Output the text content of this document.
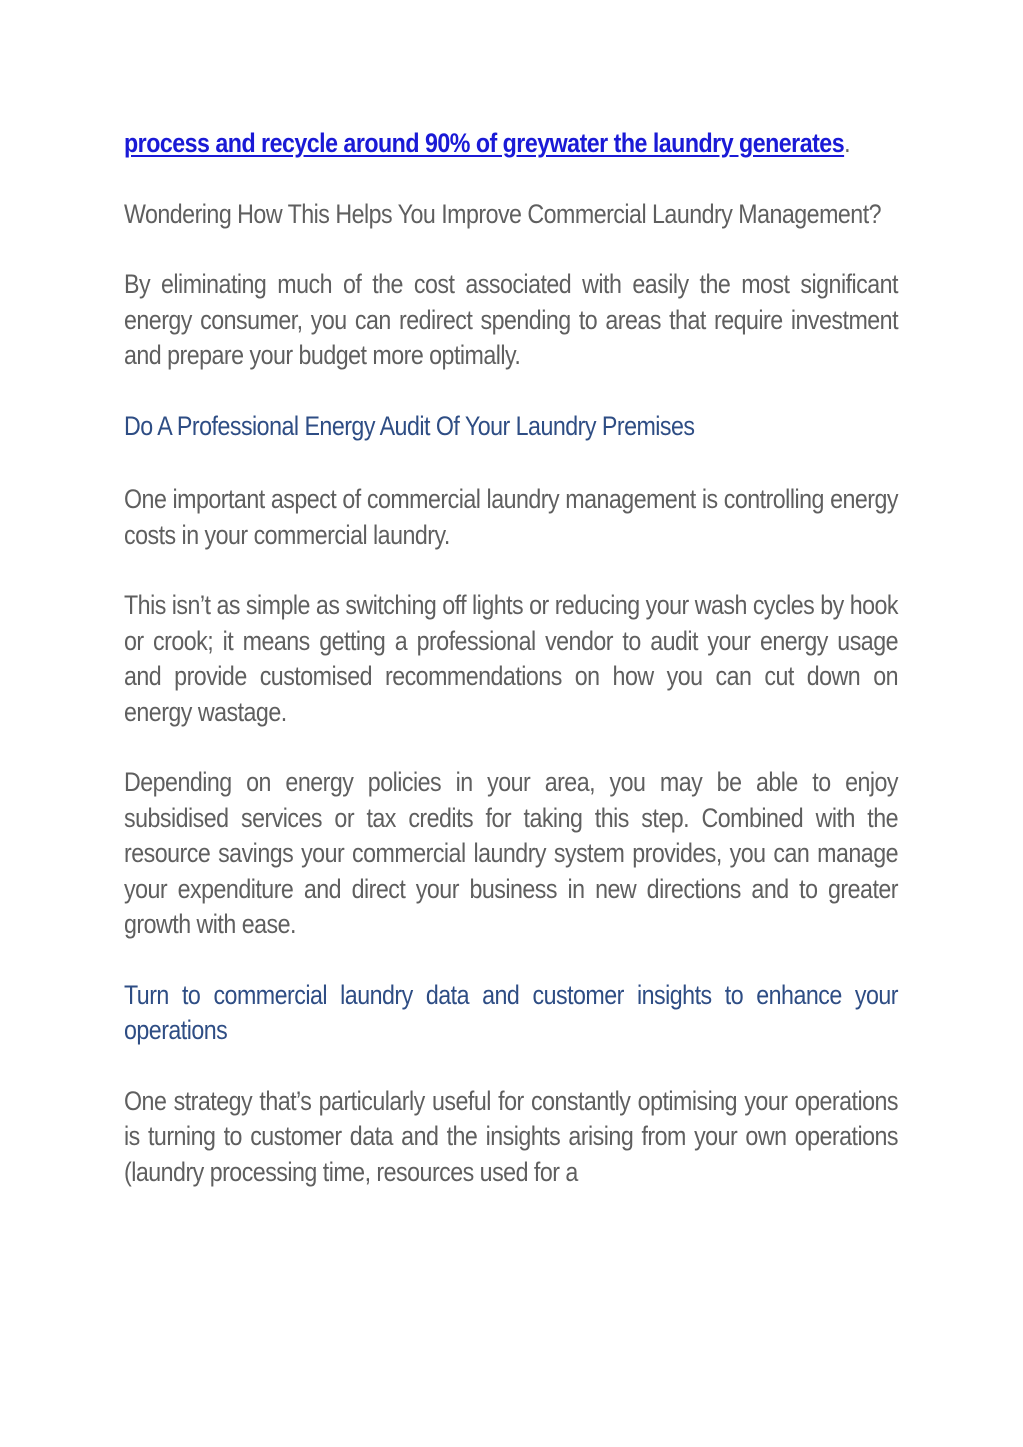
process and recycle around 90% of greywater the laundry generates.

Wondering How This Helps You Improve Commercial Laundry Management?

By eliminating much of the cost associated with easily the most significant energy consumer, you can redirect spending to areas that require investment and prepare your budget more optimally.

Do A Professional Energy Audit Of Your Laundry Premises

One important aspect of commercial laundry management is controlling energy costs in your commercial laundry.

This isn’t as simple as switching off lights or reducing your wash cycles by hook or crook; it means getting a professional vendor to audit your energy usage and provide customised recommendations on how you can cut down on energy wastage.

Depending on energy policies in your area, you may be able to enjoy subsidised services or tax credits for taking this step. Combined with the resource savings your commercial laundry system provides, you can manage your expenditure and direct your business in new directions and to greater growth with ease.

Turn to commercial laundry data and customer insights to enhance your operations

One strategy that’s particularly useful for constantly optimising your operations is turning to customer data and the insights arising from your own operations (laundry processing time, resources used for a
